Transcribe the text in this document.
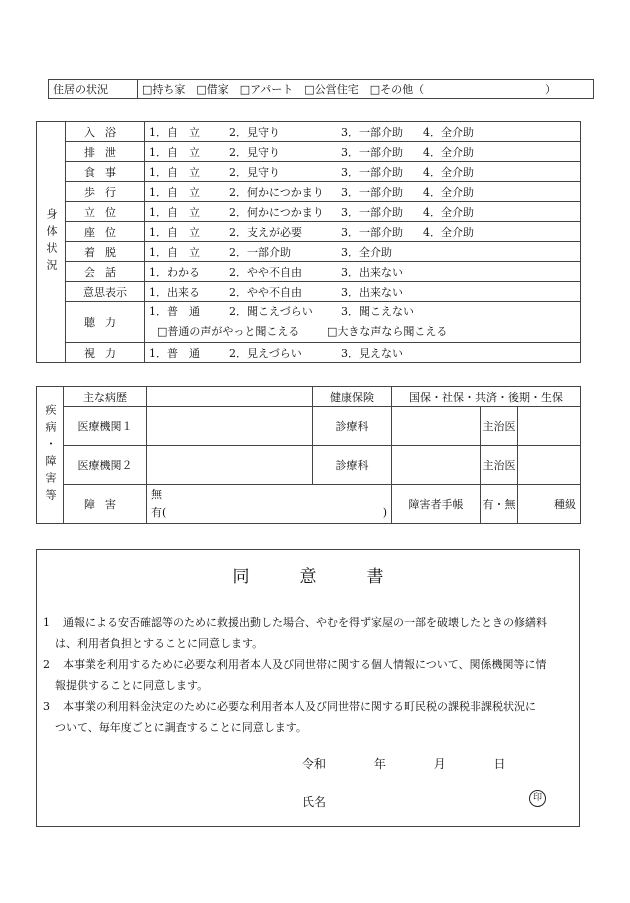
住居の状況	□持ち家　□借家　□アパート　□公営住宅　□その他（　　　　　　　　　　　）
身体状況	入浴	1．自　立 2．見守り 3．一部介助 4．全介助
	排泄	1．自　立 2．見守り 3．一部介助 4．全介助
	食事	1．自　立 2．見守り 3．一部介助 4．全介助
	歩行	1．自　立 2．何かにつかまり 3．一部介助 4．全介助
	立位	1．自　立 2．何かにつかまり 3．一部介助 4．全介助
	座位	1．自　立 2．支えが必要 3．一部介助 4．全介助
	着脱	1．自　立 2．一部介助 3．全介助
	会話	1．わかる 2．やや不自由 3．出来ない
	意思表示	1．出来る 2．やや不自由 3．出来ない
	聴力	1．普　通 2．聞こえづらい 3．聞こえない
□普通の声がやっと聞こえる □大きな声なら聞こえる

	視力	1．普　通 2．見えづらい 3．見えない
疾病・障害等	主な病歴		健康保険	国保・社保・共済・後期・生保		
	医療機関１		診療科		主治医	
	医療機関２		診療科		主治医	
	障害	無
有( )		障害者手帳	有・無	種級
同意書
1	通報による安否確認等のために救援出動した場合、やむを得ず家屋の一部を破壊したときの修繕料
は、利用者負担とすることに同意します。
2	本事業を利用するために必要な利用者本人及び同世帯に関する個人情報について、関係機関等に情
報提供することに同意します。
3	本事業の利用料金決定のために必要な利用者本人及び同世帯に関する町民税の課税非課税状況に
ついて、毎年度ごとに調査することに同意します。
令和	年	月	日
氏名	印
